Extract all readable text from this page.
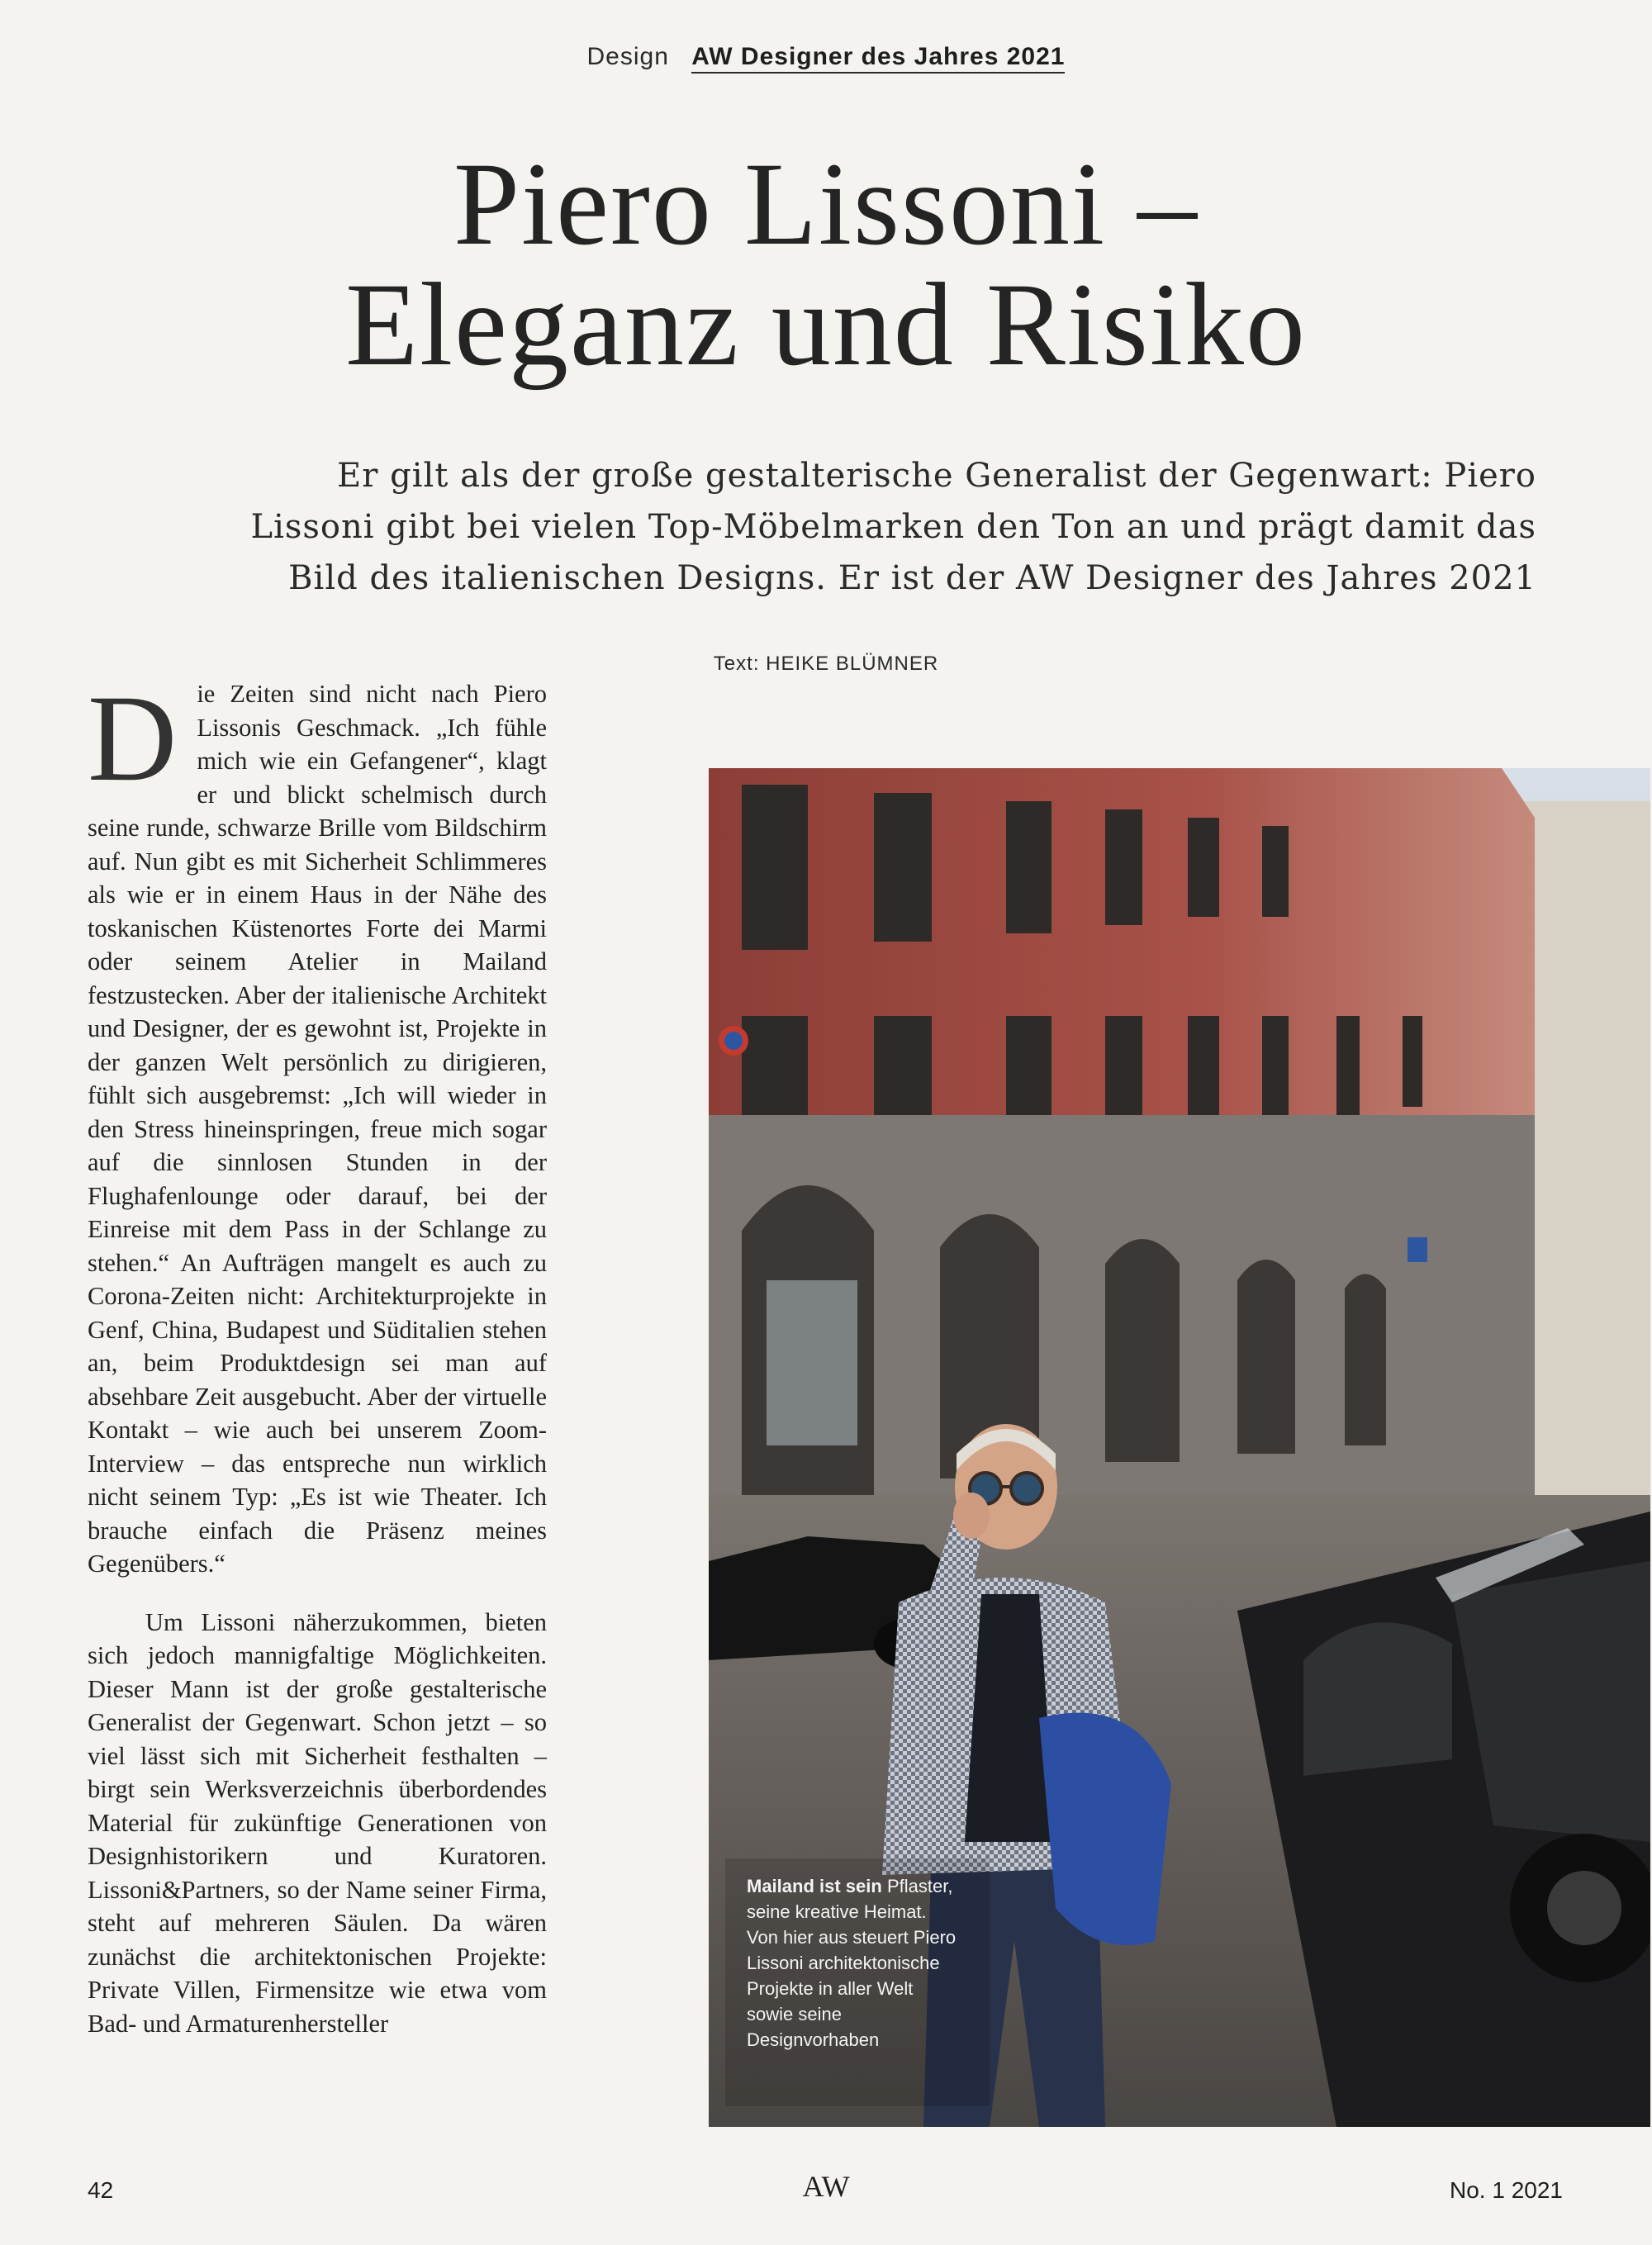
Design AW Designer des Jahres 2021
Piero Lissoni –
Eleganz und Risiko

Er gilt als der große gestalterische Generalist der Gegenwart: Piero
Lissoni gibt bei vielen Top-Möbelmarken den Ton an und prägt damit das
Bild des italienischen Designs. Er ist der AW Designer des Jahres 2021

Text: HEIKE BLÜMNER

D ie Zeiten sind nicht nach Piero Lissonis Geschmack. „Ich fühle mich wie ein Gefangener“, klagt er und blickt schelmisch durch seine runde, schwarze Brille vom Bildschirm auf. Nun gibt es mit Sicherheit Schlimmeres als wie er in einem Haus in der Nähe des toskanischen Küstenortes Forte dei Marmi oder seinem Atelier in Mailand festzustecken. Aber der italienische Architekt und Designer, der es gewohnt ist, Projekte in der ganzen Welt persönlich zu dirigieren, fühlt sich ausgebremst: „Ich will wieder in den Stress hineinspringen, freue mich sogar auf die sinnlosen Stunden in der Flughafenlounge oder darauf, bei der Einreise mit dem Pass in der Schlange zu stehen.“ An Aufträgen mangelt es auch zu Corona-Zeiten nicht: Architekturprojekte in Genf, China, Budapest und Süditalien stehen an, beim Produktdesign sei man auf absehbare Zeit ausgebucht. Aber der virtuelle Kontakt – wie auch bei unserem Zoom-Interview – das entspreche nun wirklich nicht seinem Typ: „Es ist wie Theater. Ich brauche einfach die Präsenz meines Gegenübers.“

Um Lissoni näherzukommen, bieten sich jedoch mannigfaltige Möglichkeiten. Dieser Mann ist der große gestalterische Generalist der Gegenwart. Schon jetzt – so viel lässt sich mit Sicherheit festhalten – birgt sein Werksverzeichnis überbordendes Material für zukünftige Generationen von Designhistorikern und Kuratoren. Lissoni&Partners, so der Name seiner Firma, steht auf mehreren Säulen. Da wären zunächst die architektonischen Projekte: Private Villen, Firmensitze wie etwa vom Bad- und Armaturenhersteller

Mailand ist sein Pflaster, seine kreative Heimat. Von hier aus steuert Piero Lissoni architektonische Projekte in aller Welt sowie seine Designvorhaben
42	AW	No. 1 2021
